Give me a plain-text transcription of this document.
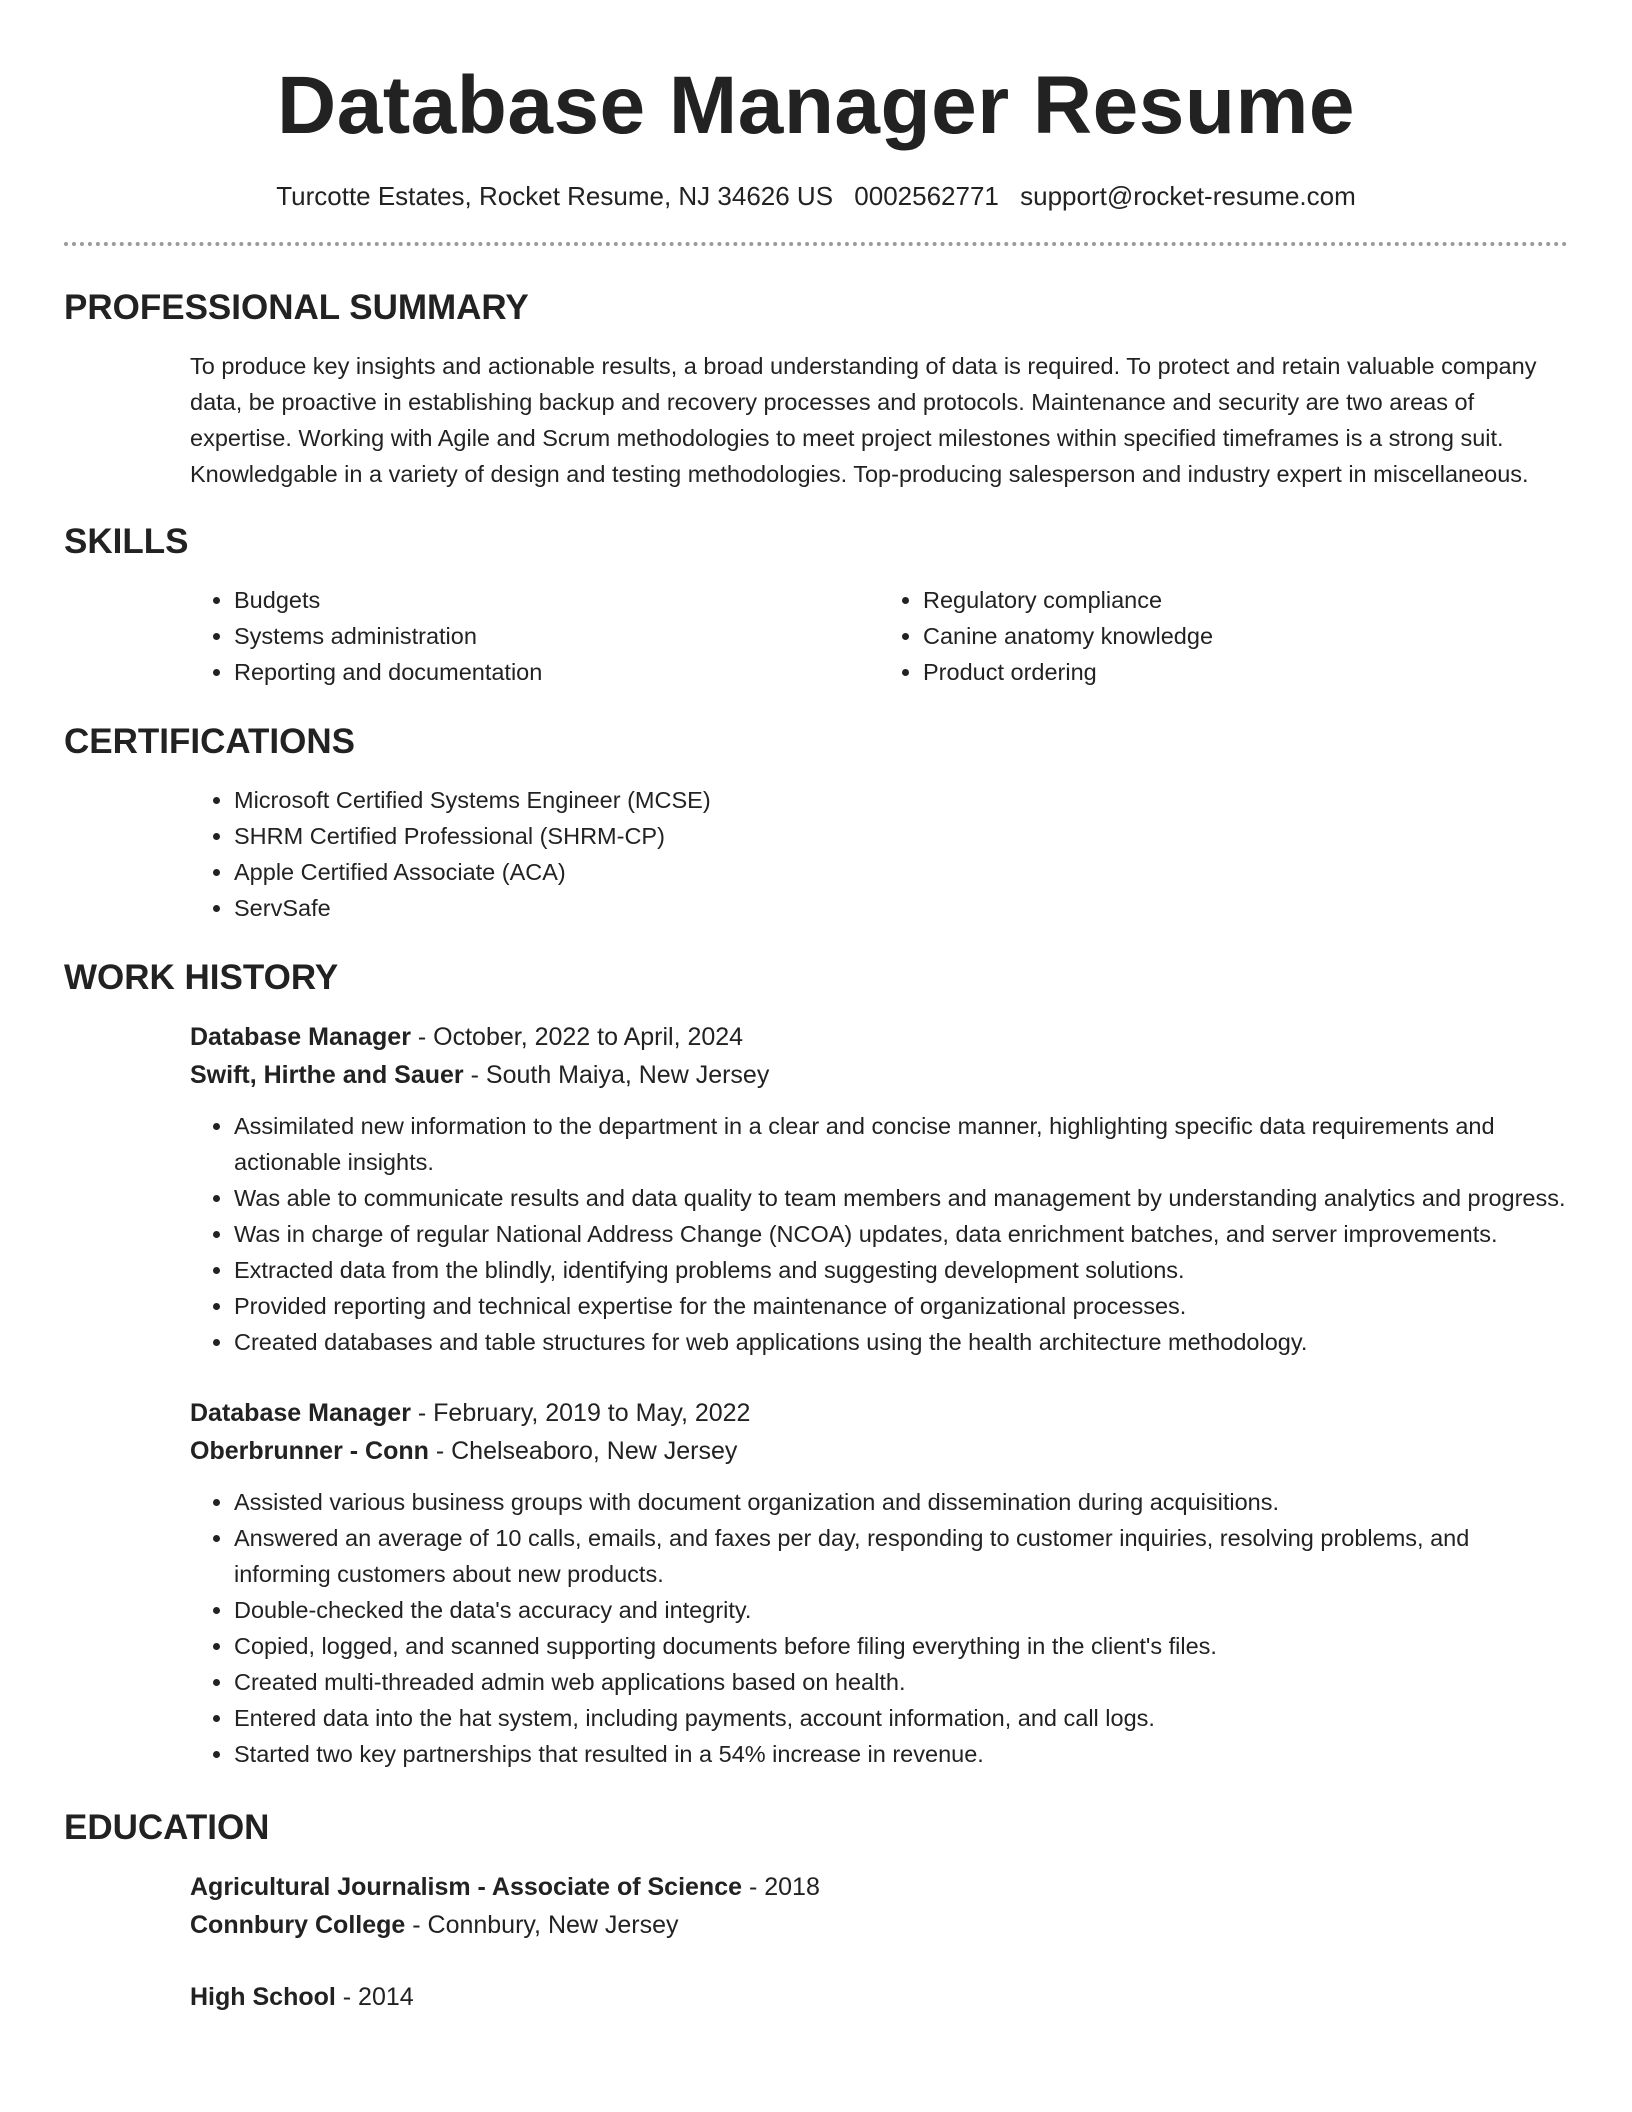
Database Manager Resume
Turcotte Estates, Rocket Resume, NJ 34626 US 0002562771 support@rocket-resume.com
PROFESSIONAL SUMMARY

To produce key insights and actionable results, a broad understanding of data is required. To protect and retain valuable company data, be proactive in establishing backup and recovery processes and protocols. Maintenance and security are two areas of expertise. Working with Agile and Scrum methodologies to meet project milestones within specified timeframes is a strong suit. Knowledgable in a variety of design and testing methodologies. Top-producing salesperson and industry expert in miscellaneous.

SKILLS
• Budgets
• Systems administration
• Reporting and documentation
• Regulatory compliance
• Canine anatomy knowledge
• Product ordering
CERTIFICATIONS
• Microsoft Certified Systems Engineer (MCSE)
• SHRM Certified Professional (SHRM-CP)
• Apple Certified Associate (ACA)
• ServSafe
WORK HISTORY
Database Manager - October, 2022 to April, 2024
Swift, Hirthe and Sauer - South Maiya, New Jersey
• Assimilated new information to the department in a clear and concise manner, highlighting specific data requirements and actionable insights.
• Was able to communicate results and data quality to team members and management by understanding analytics and progress.
• Was in charge of regular National Address Change (NCOA) updates, data enrichment batches, and server improvements.
• Extracted data from the blindly, identifying problems and suggesting development solutions.
• Provided reporting and technical expertise for the maintenance of organizational processes.
• Created databases and table structures for web applications using the health architecture methodology.
Database Manager - February, 2019 to May, 2022
Oberbrunner - Conn - Chelseaboro, New Jersey
• Assisted various business groups with document organization and dissemination during acquisitions.
• Answered an average of 10 calls, emails, and faxes per day, responding to customer inquiries, resolving problems, and informing customers about new products.
• Double-checked the data's accuracy and integrity.
• Copied, logged, and scanned supporting documents before filing everything in the client's files.
• Created multi-threaded admin web applications based on health.
• Entered data into the hat system, including payments, account information, and call logs.
• Started two key partnerships that resulted in a 54% increase in revenue.
EDUCATION
Agricultural Journalism - Associate of Science - 2018
Connbury College - Connbury, New Jersey
High School - 2014
